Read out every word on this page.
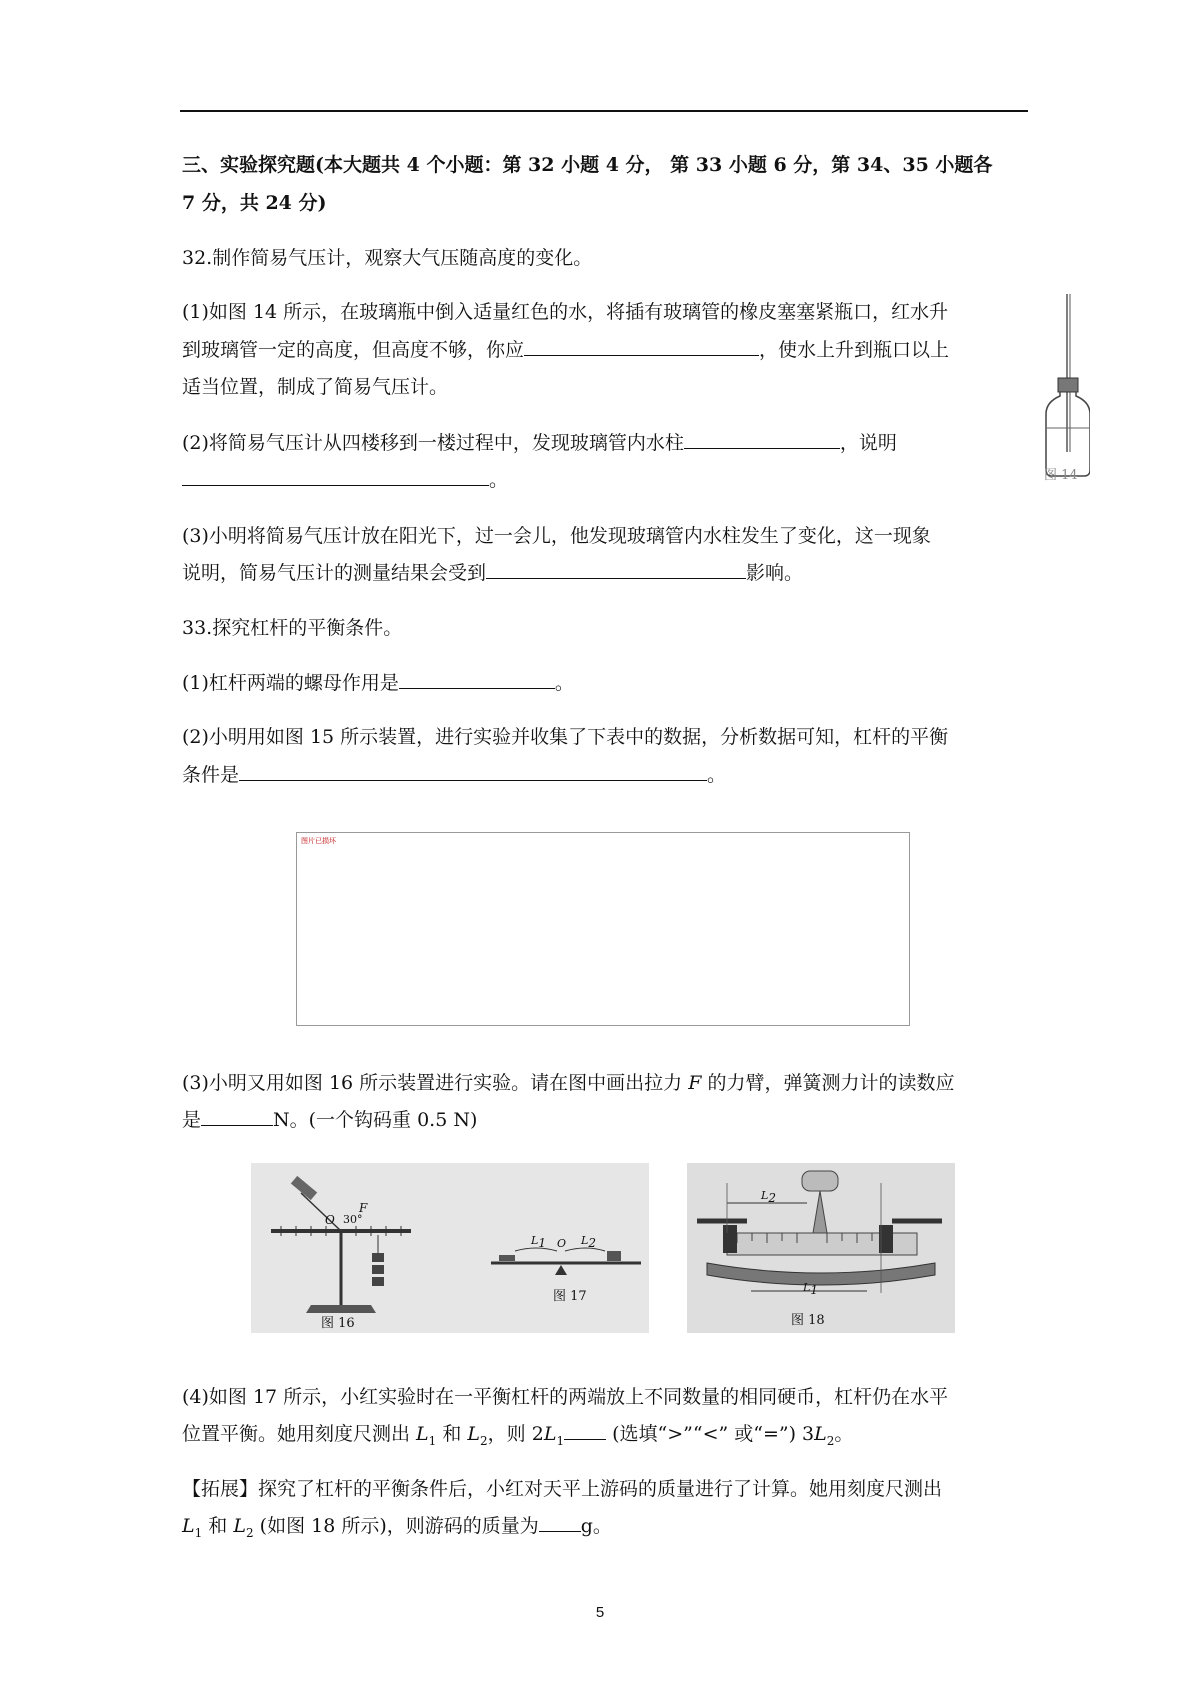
三、实验探究题(本大题共 4 个小题：第 32 小题 4 分， 第 33 小题 6 分，第 34、35 小题各
7 分，共 24 分)
32.制作简易气压计，观察大气压随高度的变化。
(1)如图 14 所示，在玻璃瓶中倒入适量红色的水，将插有玻璃管的橡皮塞塞紧瓶口，红水升
到玻璃管一定的高度，但高度不够，你应	，使水上升到瓶口以上
适当位置，制成了简易气压计。
(2)将简易气压计从四楼移到一楼过程中，发现玻璃管内水柱	，说明
。
(3)小明将简易气压计放在阳光下，过一会儿，他发现玻璃管内水柱发生了变化，这一现象
说明，简易气压计的测量结果会受到	影响。
图 14
33.探究杠杆的平衡条件。
(1)杠杆两端的螺母作用是	。
(2)小明用如图 15 所示装置，进行实验并收集了下表中的数据，分析数据可知，杠杆的平衡
条件是	。
图片已损坏
(3)小明又用如图 16 所示装置进行实验。请在图中画出拉力 F 的力臂，弹簧测力计的读数应
是	N。(一个钩码重 0.5 N)
F
O 30°
图 16
$L_1$ O $L_2$
图 17
$L_2$
$L_1$
图 18
(4)如图 17 所示，小红实验时在一平衡杠杆的两端放上不同数量的相同硬币，杠杆仍在水平
位置平衡。她用刻度尺测出 $L_1$ 和 $L_2$，则 $2L_1$ (选填“>”“<” 或“=”) $3L_2$。
【拓展】探究了杠杆的平衡条件后，小红对天平上游码的质量进行了计算。她用刻度尺测出
$L_1$ 和 $L_2$ (如图 18 所示)，则游码的质量为 g。
5
